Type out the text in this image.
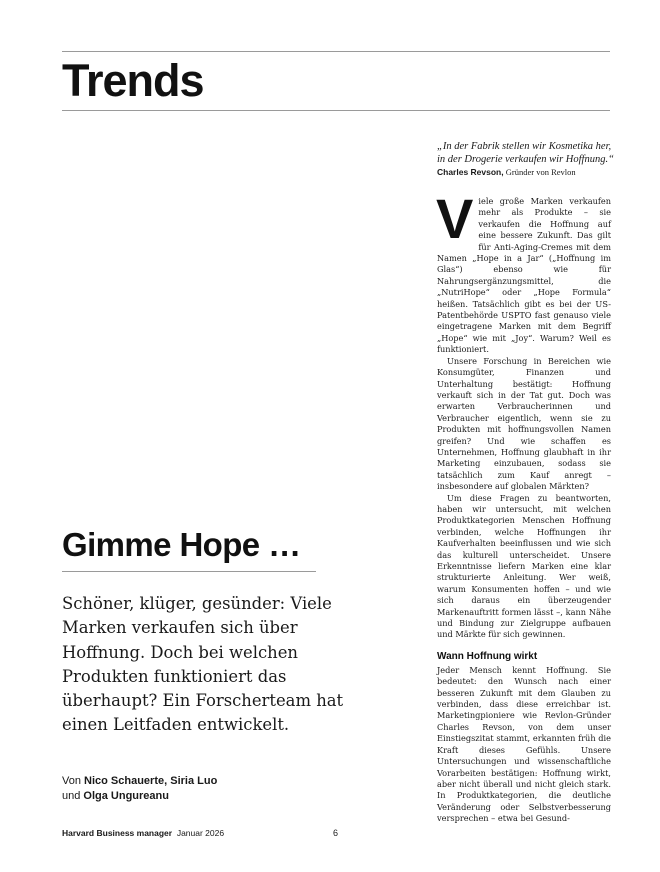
Trends
„In der Fabrik stellen wir Kosmetika her,
in der Drogerie verkaufen wir Hoffnung.“
Charles Revson, Gründer von Revlon

Viele große Marken verkaufen mehr als Produkte – sie verkaufen die Hoffnung auf eine bessere Zukunft. Das gilt für Anti-Aging-Cremes mit dem Namen „Hope in a Jar“ („Hoffnung im Glas“) ebenso wie für Nahrungsergänzungsmittel, die „NutriHope“ oder „Hope Formula“ heißen. Tatsächlich gibt es bei der US-Patentbehörde USPTO fast genauso viele eingetragene Marken mit dem Begriff „Hope“ wie mit „Joy“. Warum? Weil es funktioniert.

Unsere Forschung in Bereichen wie Konsumgüter, Finanzen und Unterhaltung bestätigt: Hoffnung verkauft sich in der Tat gut. Doch was erwarten Verbraucherinnen und Verbraucher eigentlich, wenn sie zu Produkten mit hoffnungsvollen Namen greifen? Und wie schaffen es Unternehmen, Hoffnung glaubhaft in ihr Marketing einzubauen, sodass sie tatsächlich zum Kauf anregt – insbesondere auf globalen Märkten?

Um diese Fragen zu beantworten, haben wir untersucht, mit welchen Produktkategorien Menschen Hoffnung verbinden, welche Hoffnungen ihr Kaufverhalten beeinflussen und wie sich das kulturell unterscheidet. Unsere Erkenntnisse liefern Marken eine klar strukturierte Anleitung. Wer weiß, warum Konsumenten hoffen – und wie sich daraus ein überzeugender Markenauftritt formen lässt –, kann Nähe und Bindung zur Zielgruppe aufbauen und Märkte für sich gewinnen.

Wann Hoffnung wirkt

Jeder Mensch kennt Hoffnung. Sie bedeutet: den Wunsch nach einer besseren Zukunft mit dem Glauben zu verbinden, dass diese erreichbar ist. Marketingpioniere wie Revlon-Gründer Charles Revson, von dem unser Einstiegszitat stammt, erkannten früh die Kraft dieses Gefühls. Unsere Untersuchungen und wissenschaftliche Vorarbeiten bestätigen: Hoffnung wirkt, aber nicht überall und nicht gleich stark. In Produktkategorien, die deutliche Veränderung oder Selbstverbesserung versprechen – etwa bei Gesund-

Gimme Hope …

Schöner, klüger, gesünder: Viele Marken verkaufen sich über Hoffnung. Doch bei welchen Produkten funktioniert das überhaupt? Ein Forscherteam hat einen Leitfaden entwickelt.

Von Nico Schauerte, Siria Luo
und Olga Ungureanu
Harvard Business manager Januar 2026	6
